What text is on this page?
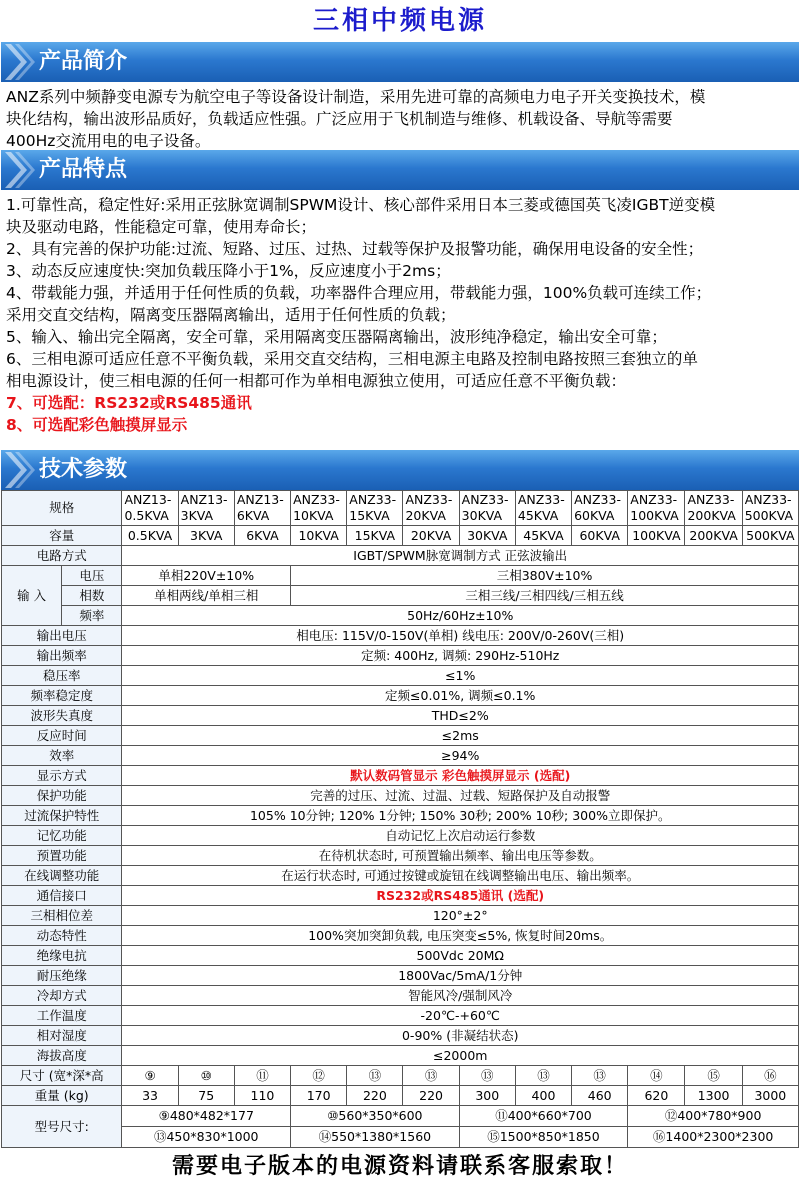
三相中频电源
产品简介
ANZ系列中频静变电源专为航空电子等设备设计制造，采用先进可靠的高频电力电子开关变换技术，模
块化结构，输出波形品质好，负载适应性强。广泛应用于飞机制造与维修、机载设备、导航等需要
400Hz交流用电的电子设备。
产品特点
1.可靠性高，稳定性好:采用正弦脉宽调制SPWM设计、核心部件采用日本三菱或德国英飞凌IGBT逆变模
块及驱动电路，性能稳定可靠，使用寿命长；
2、具有完善的保护功能:过流、短路、过压、过热、过载等保护及报警功能，确保用电设备的安全性；
3、动态反应速度快:突加负载压降小于1%，反应速度小于2ms；
4、带载能力强，并适用于任何性质的负载，功率器件合理应用，带载能力强，100%负载可连续工作；
采用交直交结构，隔离变压器隔离输出，适用于任何性质的负载；
5、输入、输出完全隔离，安全可靠，采用隔离变压器隔离输出，波形纯净稳定，输出安全可靠；
6、三相电源可适应任意不平衡负载，采用交直交结构，三相电源主电路及控制电路按照三套独立的单
相电源设计，使三相电源的任何一相都可作为单相电源独立使用，可适应任意不平衡负载：
7、可选配：RS232或RS485通讯
8、可选配彩色触摸屏显示
技术参数
规格		ANZ13-0.5KVA	ANZ13-3KVA	ANZ13-6KVA	ANZ33-10KVA	ANZ33-15KVA	ANZ33-20KVA	ANZ33-30KVA	ANZ33-45KVA	ANZ33-60KVA	ANZ33-100KVA	ANZ33-200KVA	ANZ33-500KVA
容量		0.5KVA	3KVA	6KVA	10KVA	15KVA	20KVA	30KVA	45KVA	60KVA	100KVA	200KVA	500KVA
电路方式		IGBT/SPWM脉宽调制方式 正弦波输出											
输 入	电压	单相220V±10%			三相380V±10%								
	相数	单相两线/单相三相			三相三线/三相四线/三相五线								
	频率	50Hz/60Hz±10%											
输出电压		相电压: 115V/0-150V(单相) 线电压: 200V/0-260V(三相)											
输出频率		定频: 400Hz, 调频: 290Hz-510Hz											
稳压率		≤1%											
频率稳定度		定频≤0.01%, 调频≤0.1%											
波形失真度		THD≤2%											
反应时间		≤2ms											
效率		≥94%											
显示方式		默认数码管显示 彩色触摸屏显示 (选配)											
保护功能		完善的过压、过流、过温、过载、短路保护及自动报警											
过流保护特性		105% 10分钟; 120% 1分钟; 150% 30秒; 200% 10秒; 300%立即保护。											
记忆功能		自动记忆上次启动运行参数											
预置功能		在待机状态时, 可预置输出频率、输出电压等参数。											
在线调整功能		在运行状态时, 可通过按键或旋钮在线调整输出电压、输出频率。											
通信接口		RS232或RS485通讯 (选配)											
三相相位差		120°±2°											
动态特性		100%突加突卸负载, 电压突变≤5%, 恢复时间20ms。											
绝缘电抗		500Vdc 20MΩ											
耐压绝缘		1800Vac/5mA/1分钟											
冷却方式		智能风冷/强制风冷											
工作温度		-20℃-+60℃											
相对湿度		0-90% (非凝结状态)											
海拔高度		≤2000m											
尺寸 (宽*深*高		⑨	⑩	⑪	⑫	⑬	⑬	⑬	⑬	⑬	⑭	⑮	⑯
重量 (kg)		33	75	110	170	220	220	300	400	460	620	1300	3000
型号尺寸:		⑨480*482*177			⑩560*350*600			⑪400*660*700			⑫400*780*900		
		⑬450*830*1000			⑭550*1380*1560			⑮1500*850*1850			⑯1400*2300*2300		
需要电子版本的电源资料请联系客服索取！
